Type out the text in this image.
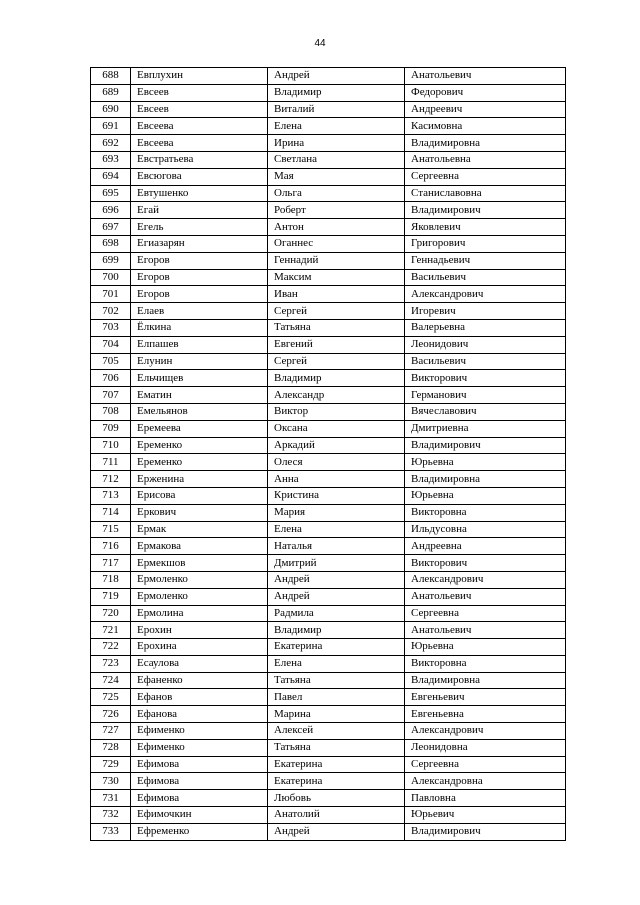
44
688	Евплухин	Андрей	Анатольевич
689	Евсеев	Владимир	Федорович
690	Евсеев	Виталий	Андреевич
691	Евсеева	Елена	Касимовна
692	Евсеева	Ирина	Владимировна
693	Евстратьева	Светлана	Анатольевна
694	Евсюгова	Мая	Сергеевна
695	Евтушенко	Ольга	Станиславовна
696	Егай	Роберт	Владимирович
697	Егель	Антон	Яковлевич
698	Егиазарян	Оганнес	Григорович
699	Егоров	Геннадий	Геннадьевич
700	Егоров	Максим	Васильевич
701	Егоров	Иван	Александрович
702	Елаев	Сергей	Игоревич
703	Ёлкина	Татьяна	Валерьевна
704	Елпашев	Евгений	Леонидович
705	Елунин	Сергей	Васильевич
706	Ельчищев	Владимир	Викторович
707	Ематин	Александр	Германович
708	Емельянов	Виктор	Вячеславович
709	Еремеева	Оксана	Дмитриевна
710	Еременко	Аркадий	Владимирович
711	Еременко	Олеся	Юрьевна
712	Ерженина	Анна	Владимировна
713	Ерисова	Кристина	Юрьевна
714	Еркович	Мария	Викторовна
715	Ермак	Елена	Ильдусовна
716	Ермакова	Наталья	Андреевна
717	Ермекшов	Дмитрий	Викторович
718	Ермоленко	Андрей	Александрович
719	Ермоленко	Андрей	Анатольевич
720	Ермолина	Радмила	Сергеевна
721	Ерохин	Владимир	Анатольевич
722	Ерохина	Екатерина	Юрьевна
723	Есаулова	Елена	Викторовна
724	Ефаненко	Татьяна	Владимировна
725	Ефанов	Павел	Евгеньевич
726	Ефанова	Марина	Евгеньевна
727	Ефименко	Алексей	Александрович
728	Ефименко	Татьяна	Леонидовна
729	Ефимова	Екатерина	Сергеевна
730	Ефимова	Екатерина	Александровна
731	Ефимова	Любовь	Павловна
732	Ефимочкин	Анатолий	Юрьевич
733	Ефременко	Андрей	Владимирович
